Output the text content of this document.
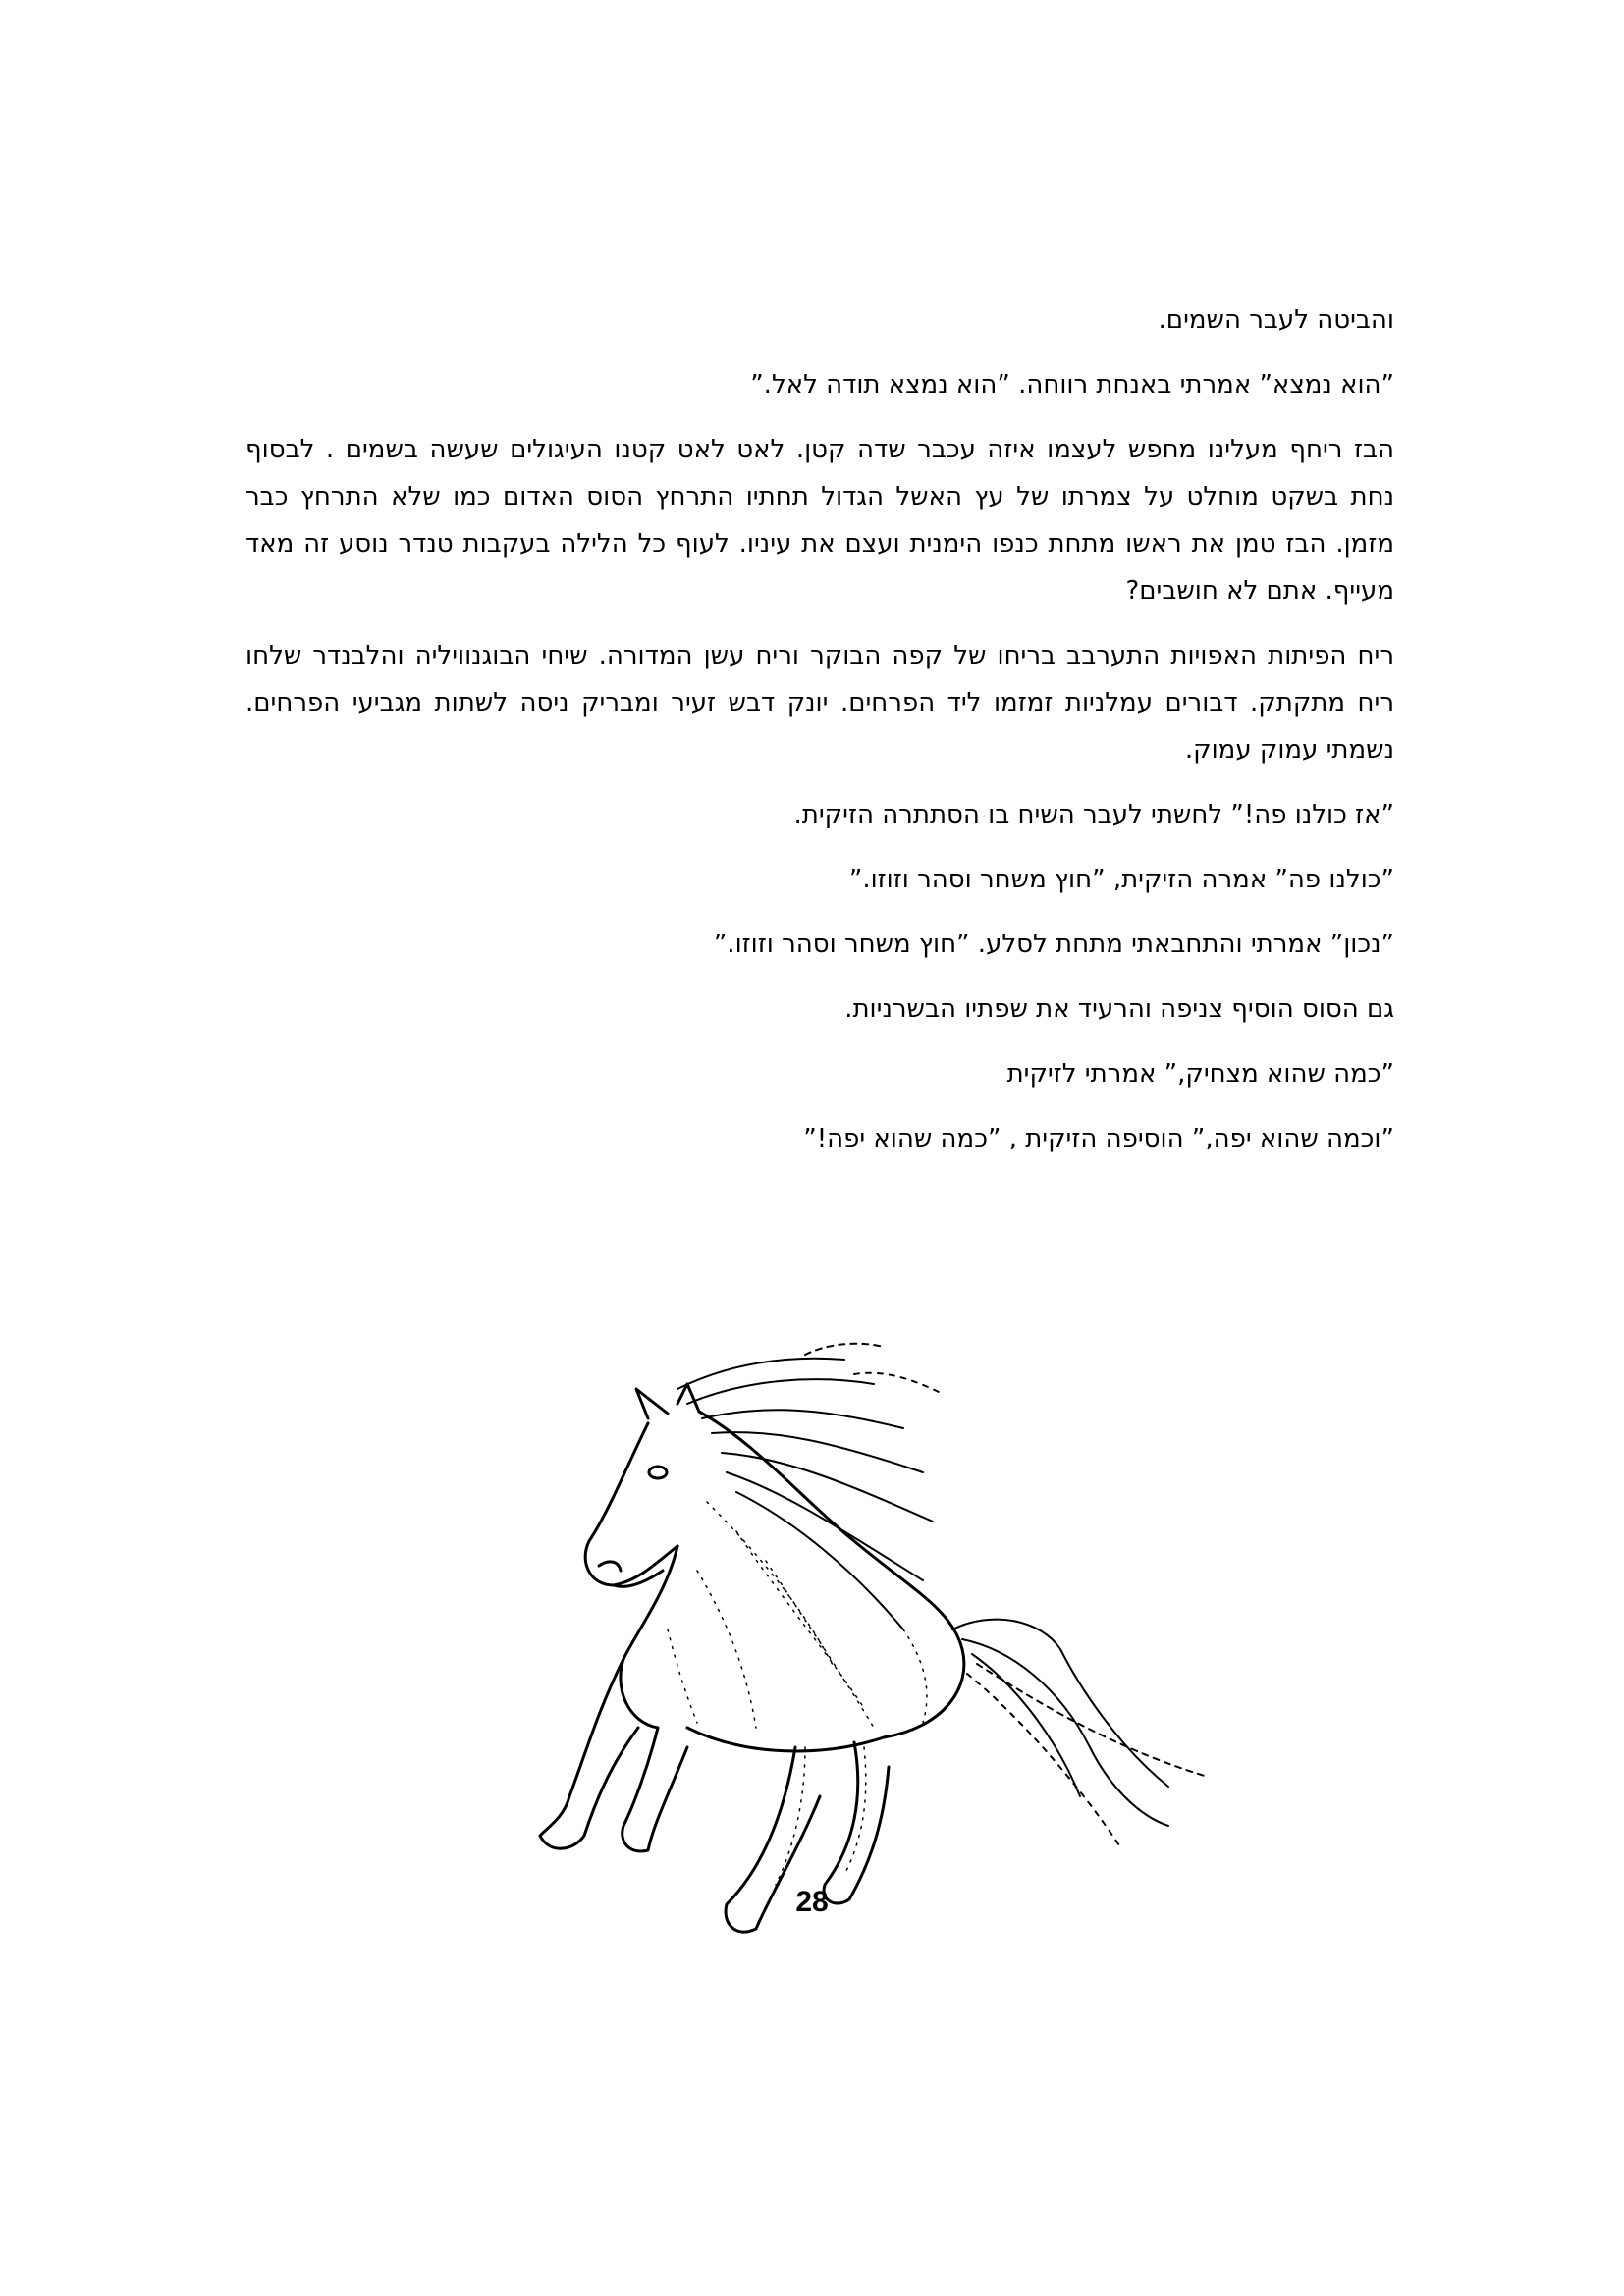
והביטה לעבר השמים.

”הוא נמצא” אמרתי באנחת רווחה. ”הוא נמצא תודה לאל.”

הבז ריחף מעלינו מחפש לעצמו איזה עכבר שדה קטן. לאט לאט קטנו העיגולים שעשה בשמים . לבסוף נחת בשקט מוחלט על צמרתו של עץ האשל הגדול תחתיו התרחץ הסוס האדום כמו שלא התרחץ כבר מזמן. הבז טמן את ראשו מתחת כנפו הימנית ועצם את עיניו. לעוף כל הלילה בעקבות טנדר נוסע זה מאד מעייף. אתם לא חושבים?

ריח הפיתות האפויות התערבב בריחו של קפה הבוקר וריח עשן המדורה. שיחי הבוגנוויליה והלבנדר שלחו ריח מתקתק. דבורים עמלניות זמזמו ליד הפרחים. יונק דבש זעיר ומבריק ניסה לשתות מגביעי הפרחים. נשמתי עמוק עמוק.

”אז כולנו פה!” לחשתי לעבר השיח בו הסתתרה הזיקית.

”כולנו פה” אמרה הזיקית, ”חוץ משחר וסהר וזוזו.”

”נכון” אמרתי והתחבאתי מתחת לסלע. ”חוץ משחר וסהר וזוזו.”

גם הסוס הוסיף צניפה והרעיד את שפתיו הבשרניות.

”כמה שהוא מצחיק,” אמרתי לזיקית

”וכמה שהוא יפה,” הוסיפה הזיקית , ”כמה שהוא יפה!”

28
